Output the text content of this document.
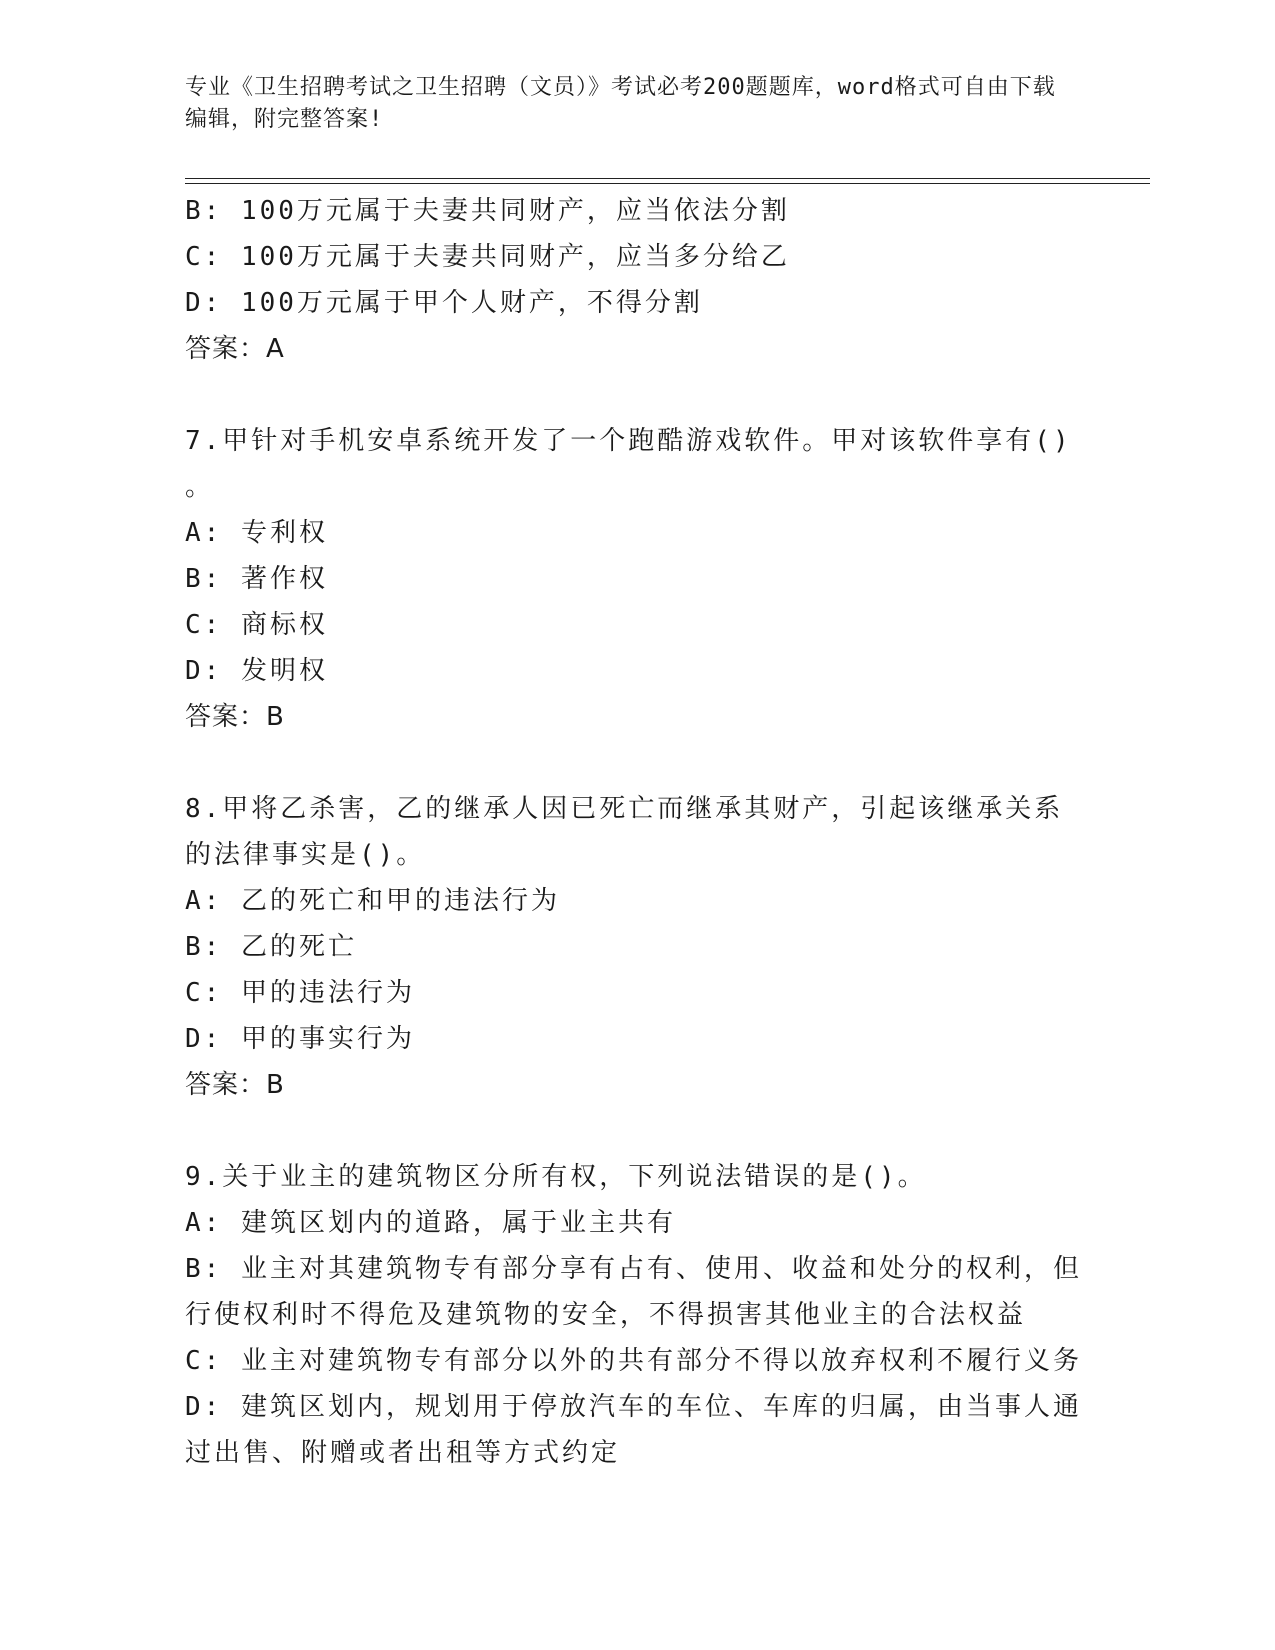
专业《卫生招聘考试之卫生招聘（文员）》考试必考200题题库，word格式可自由下载编辑，附完整答案!
B: 100万元属于夫妻共同财产，应当依法分割
C: 100万元属于夫妻共同财产，应当多分给乙
D: 100万元属于甲个人财产，不得分割
答案：A
7.甲针对手机安卓系统开发了一个跑酷游戏软件。甲对该软件享有()
。
A: 专利权
B: 著作权
C: 商标权
D: 发明权
答案：B
8.甲将乙杀害，乙的继承人因已死亡而继承其财产，引起该继承关系
的法律事实是()。
A: 乙的死亡和甲的违法行为
B: 乙的死亡
C: 甲的违法行为
D: 甲的事实行为
答案：B
9.关于业主的建筑物区分所有权，下列说法错误的是()。
A: 建筑区划内的道路，属于业主共有
B: 业主对其建筑物专有部分享有占有、使用、收益和处分的权利，但
行使权利时不得危及建筑物的安全，不得损害其他业主的合法权益
C: 业主对建筑物专有部分以外的共有部分不得以放弃权利不履行义务
D: 建筑区划内，规划用于停放汽车的车位、车库的归属，由当事人通
过出售、附赠或者出租等方式约定
